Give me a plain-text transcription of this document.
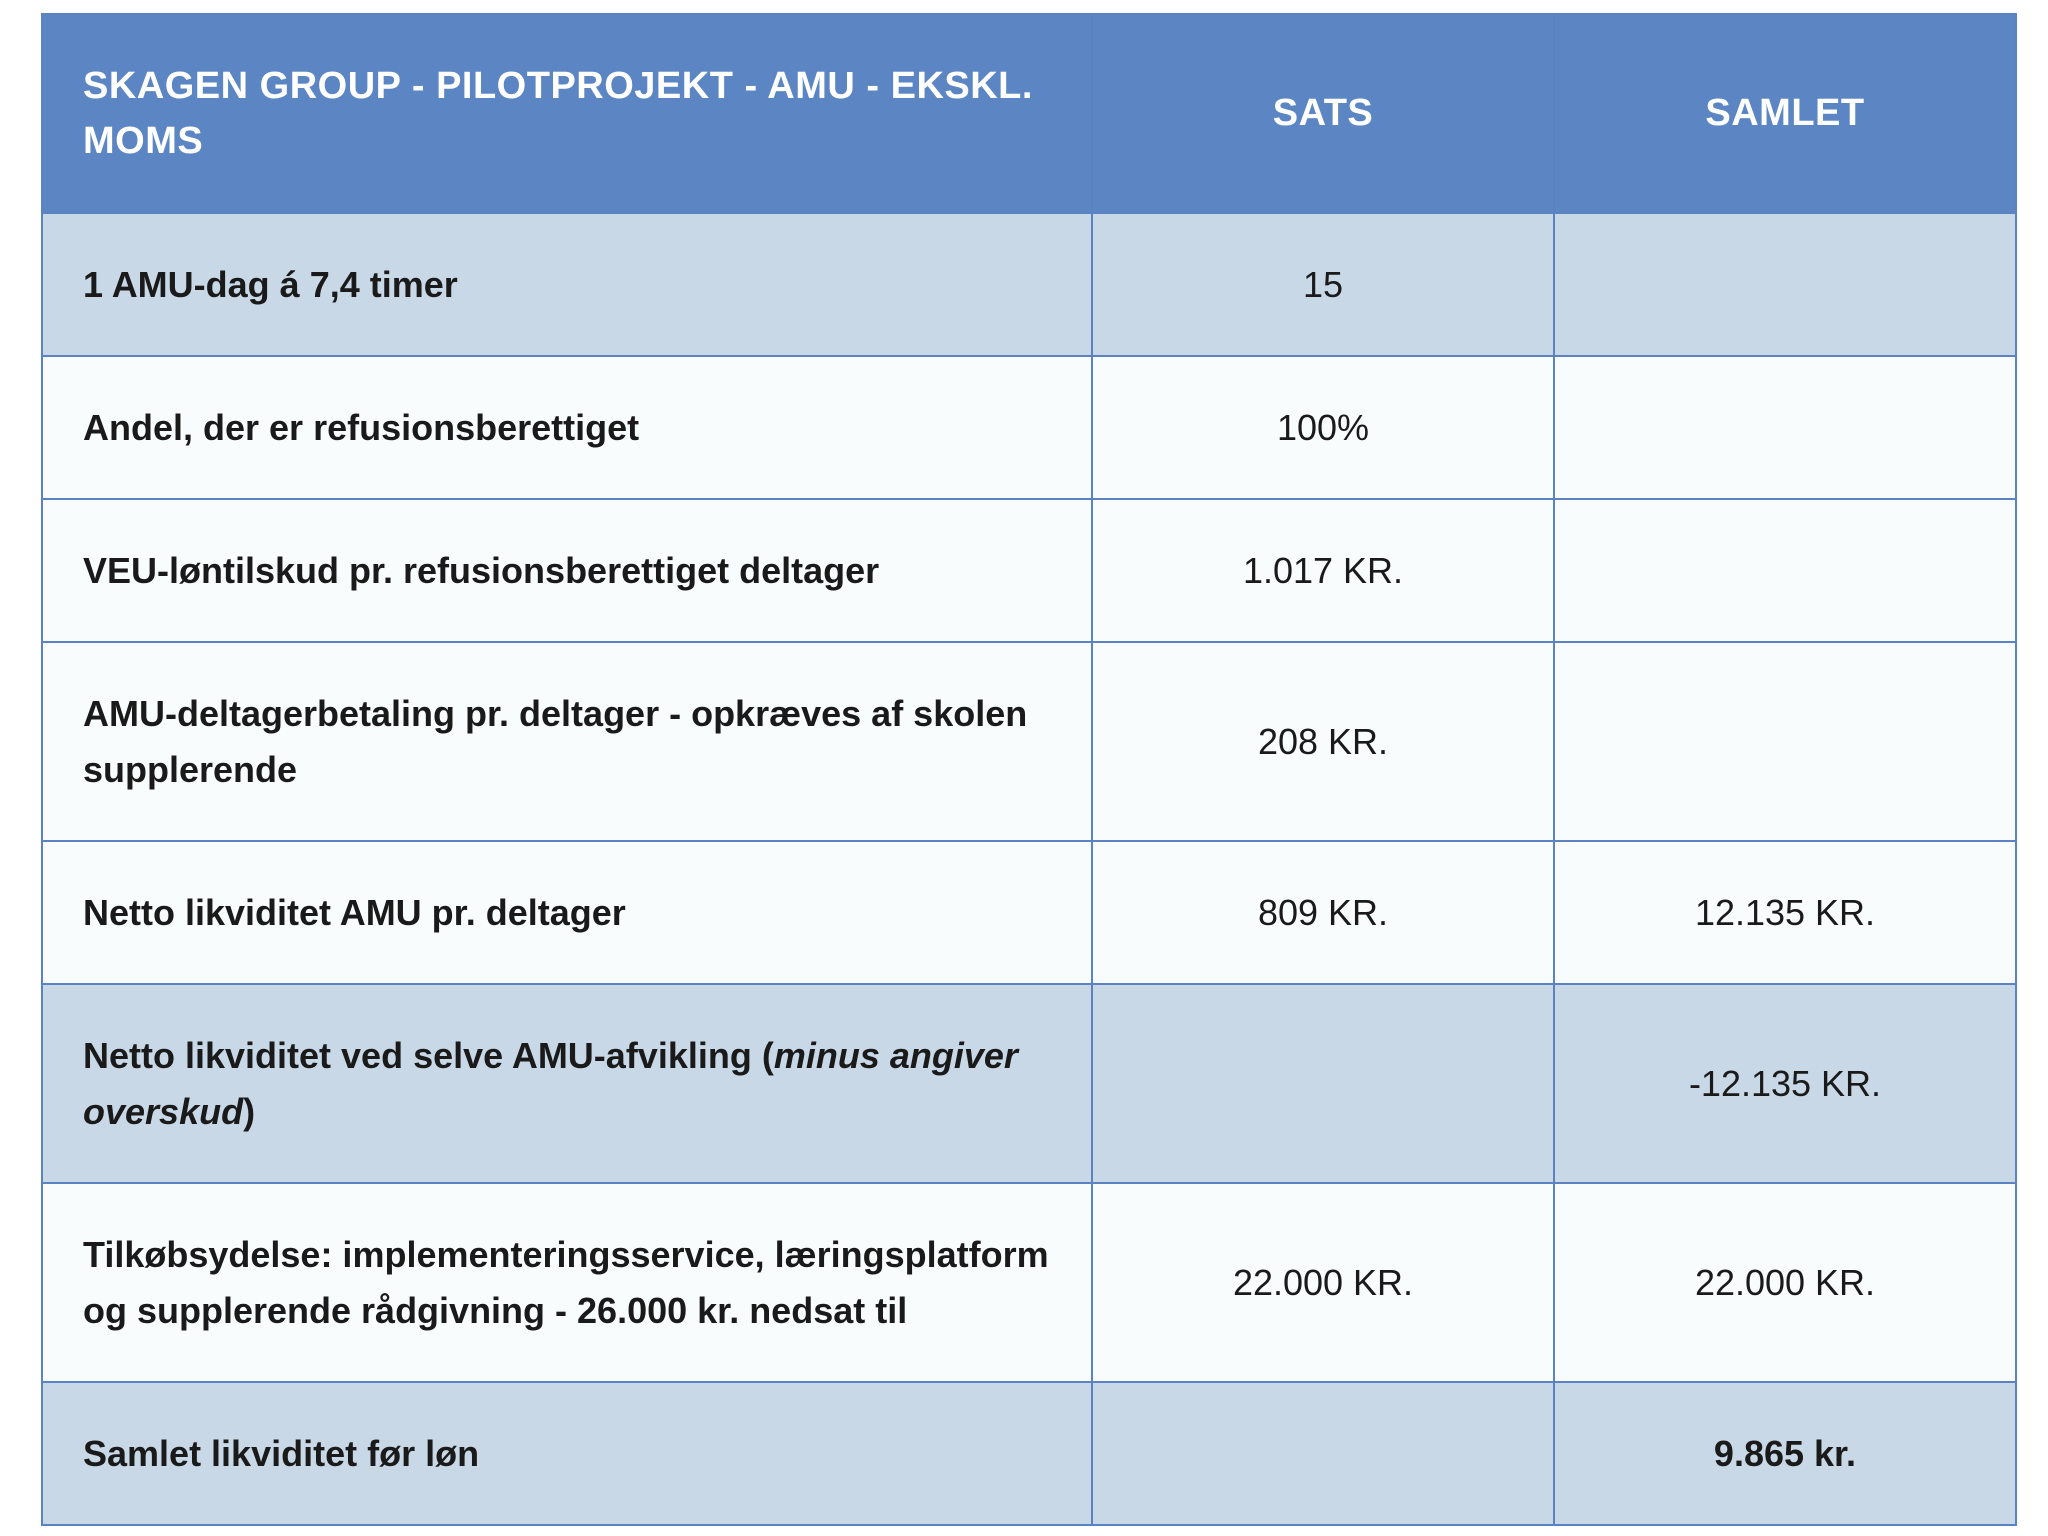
SKAGEN GROUP - PILOTPROJEKT - AMU - EKSKL. MOMS	SATS	SAMLET
1 AMU-dag á 7,4 timer	15	
Andel, der er refusionsberettiget	100%	
VEU-løntilskud pr. refusionsberettiget deltager	1.017 KR.	
AMU-deltagerbetaling pr. deltager - opkræves af skolen supplerende	208 KR.	
Netto likviditet AMU pr. deltager	809 KR.	12.135 KR.
Netto likviditet ved selve AMU-afvikling (minus angiver overskud)		-12.135 KR.
Tilkøbsydelse: implementeringsservice, læringsplatform og supplerende rådgivning - 26.000 kr. nedsat til	22.000 KR.	22.000 KR.
Samlet likviditet før løn		9.865 kr.
